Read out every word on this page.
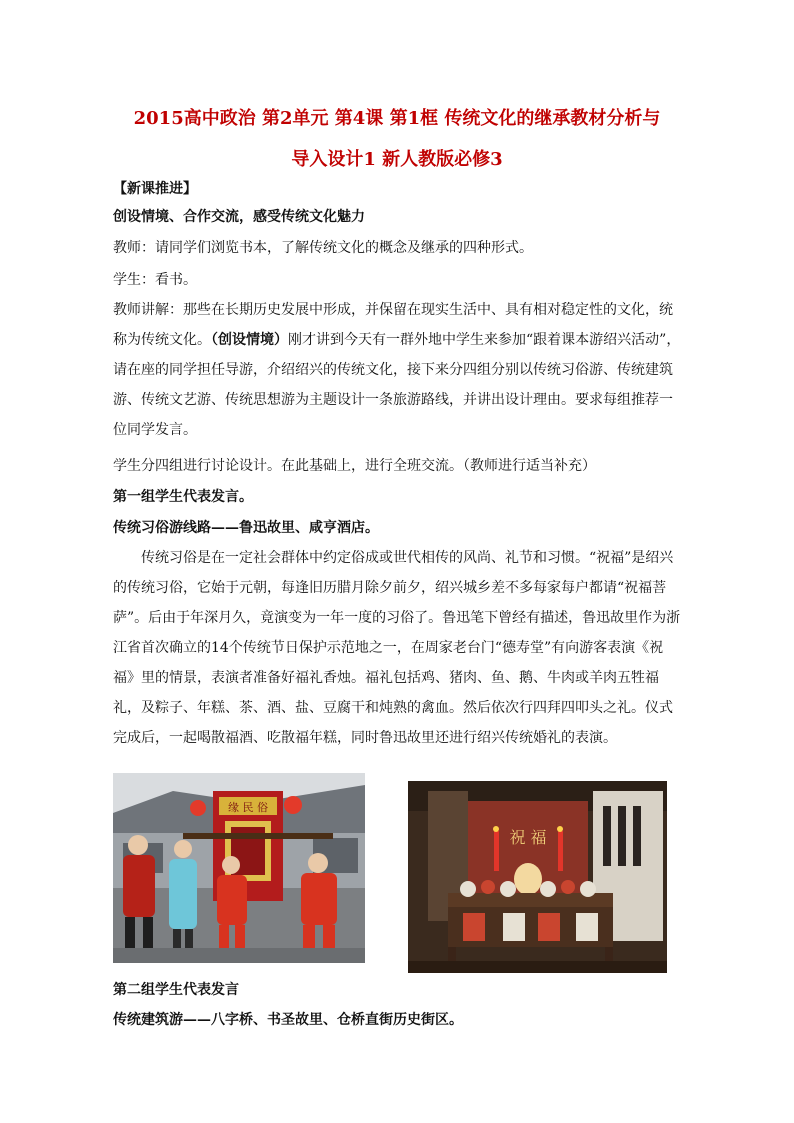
2015高中政治 第2单元 第4课 第1框 传统文化的继承教材分析与
导入设计1 新人教版必修3

【新课推进】

创设情境、合作交流，感受传统文化魅力

教师：请同学们浏览书本，了解传统文化的概念及继承的四种形式。

学生：看书。

教师讲解：那些在长期历史发展中形成，并保留在现实生活中、具有相对稳定性的文化，统称为传统文化。（创设情境）刚才讲到今天有一群外地中学生来参加“跟着课本游绍兴活动”，请在座的同学担任导游，介绍绍兴的传统文化，接下来分四组分别以传统习俗游、传统建筑游、传统文艺游、传统思想游为主题设计一条旅游路线，并讲出设计理由。要求每组推荐一位同学发言。

学生分四组进行讨论设计。在此基础上，进行全班交流。（教师进行适当补充）

第一组学生代表发言。

传统习俗游线路——鲁迅故里、咸亨酒店。

传统习俗是在一定社会群体中约定俗成或世代相传的风尚、礼节和习惯。“祝福”是绍兴的传统习俗，它始于元朝，每逢旧历腊月除夕前夕，绍兴城乡差不多每家每户都请“祝福菩萨”。后由于年深月久，竟演变为一年一度的习俗了。鲁迅笔下曾经有描述，鲁迅故里作为浙江省首次确立的14个传统节日保护示范地之一，在周家老台门“德寿堂”有向游客表演《祝福》里的情景，表演者准备好福礼香烛。福礼包括鸡、猪肉、鱼、鹅、牛肉或羊肉五牲福礼，及粽子、年糕、茶、酒、盐、豆腐干和炖熟的禽血。然后依次行四拜四叩头之礼。仪式完成后，一起喝散福酒、吃散福年糕，同时鲁迅故里还进行绍兴传统婚礼的表演。

缘 民 俗
祝 福

第二组学生代表发言

传统建筑游——八字桥、书圣故里、仓桥直街历史街区。
